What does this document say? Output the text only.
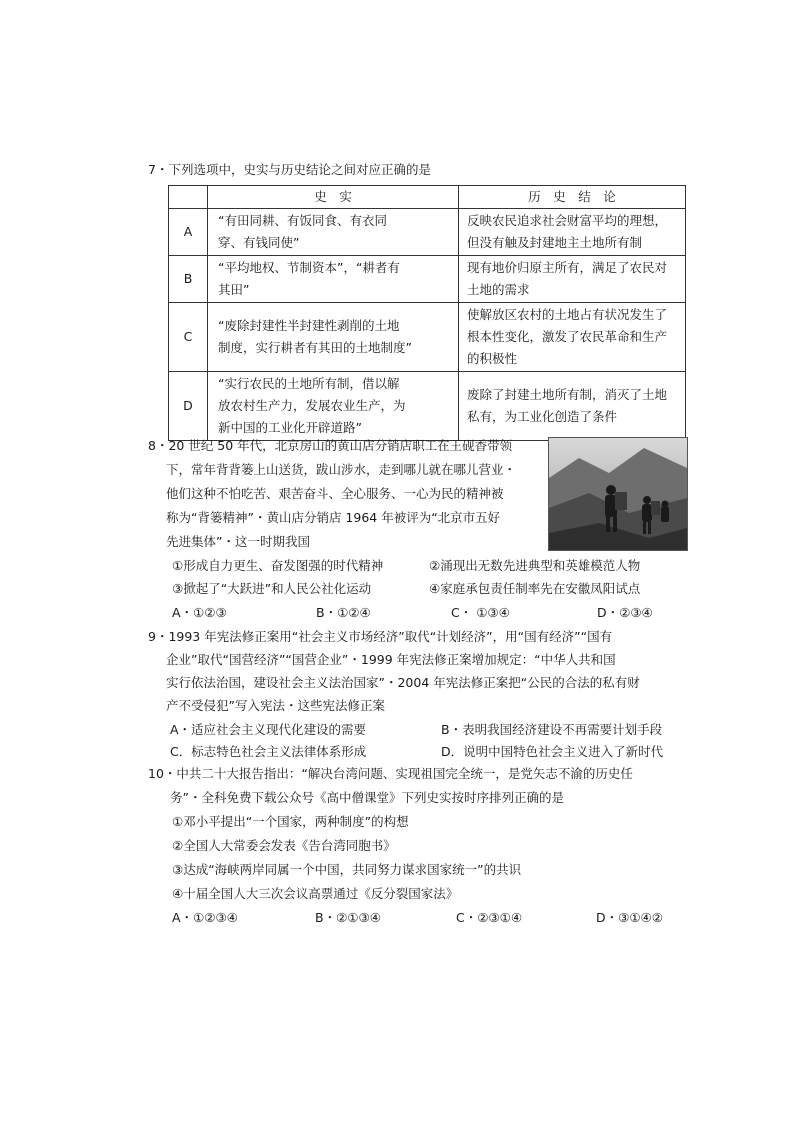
7・下列选项中，史实与历史结论之间对应正确的是
	史　实	历　史　结　论
A	“有田同耕、有饭同食、有衣同
穿、有钱同使”	反映农民追求社会财富平均的理想，
但没有触及封建地主土地所有制
B	“平均地权、节制资本”，“耕者有
其田”	现有地价归原主所有，满足了农民对
土地的需求
C	“废除封建性半封建性剥削的土地
制度，实行耕者有其田的土地制度”	使解放区农村的土地占有状况发生了
根本性变化，激发了农民革命和生产
的积极性
D	“实行农民的土地所有制，借以解
放农村生产力，发展农业生产，为
新中国的工业化开辟道路”	废除了封建土地所有制，消灭了土地
私有，为工业化创造了条件
8・20 世纪 50 年代，北京房山的黄山店分销店职工在王砚香带领
下，常年背背篓上山送货，跋山涉水，走到哪儿就在哪儿营业・
他们这种不怕吃苦、艰苦奋斗、全心服务、一心为民的精神被
称为“背篓精神”・黄山店分销店 1964 年被评为“北京市五好
先进集体”・这一时期我国
①形成自力更生、奋发图强的时代精神	②涌现出无数先进典型和英雄模范人物
③掀起了“大跃进”和人民公社化运动	④家庭承包责任制率先在安徽凤阳试点
A・①②③	B・①②④	C・ ①③④	D・②③④
9・1993 年宪法修正案用“社会主义市场经济”取代“计划经济”，用“国有经济”“国有
企业”取代“国营经济”“国营企业”・1999 年宪法修正案增加规定：“中华人共和国
实行依法治国，建设社会主义法治国家”・2004 年宪法修正案把“公民的合法的私有财
产不受侵犯”写入宪法・这些宪法修正案
A・适应社会主义现代化建设的需要	B・表明我国经济建设不再需要计划手段
C．标志特色社会主义法律体系形成	D．说明中国特色社会主义进入了新时代
10・中共二十大报告指出：“解决台湾问题、实现祖国完全统一，是党矢志不渝的历史任
务”・全科免费下载公众号《高中僧课堂》下列史实按时序排列正确的是
①邓小平提出“一个国家，两种制度”的构想
②全国人大常委会发表《告台湾同胞书》
③达成“海峡两岸同属一个中国，共同努力谋求国家统一”的共识
④十届全国人大三次会议高票通过《反分裂国家法》
A・①②③④	B・②①③④	C・②③①④	D・③①④②
